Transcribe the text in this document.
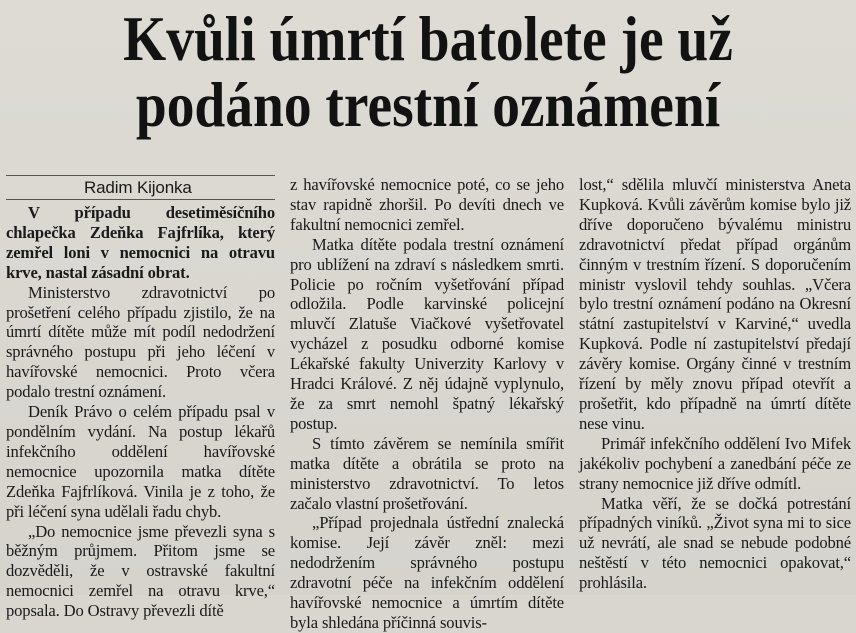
Kvůli úmrtí batolete je už
podáno trestní oznámení
Radim Kijonka

V případu desetiměsíčního chlapečka Zdeňka Fajfrlíka, který zemřel loni v nemocnici na otravu krve, nastal zásadní obrat.

Ministerstvo zdravotnictví po prošetření celého případu zjistilo, že na úmrtí dítěte může mít podíl nedodržení správného postupu při jeho léčení v havířovské nemocnici. Proto včera podalo trestní oznámení.

Deník Právo o celém případu psal v pondělním vydání. Na postup lékařů infekčního oddělení havířovské nemocnice upozornila matka dítěte Zdeňka Fajfrlíková. Vinila je z toho, že při léčení syna udělali řadu chyb.

„Do nemocnice jsme převezli syna s běžným průjmem. Přitom jsme se dozvěděli, že v ostravské fakultní nemocnici zemřel na otravu krve,“ popsala. Do Ostravy převezli dítě

z havířovské nemocnice poté, co se jeho stav rapidně zhoršil. Po devíti dnech ve fakultní nemocnici zemřel.

Matka dítěte podala trestní oznámení pro ublížení na zdraví s následkem smrti. Policie po ročním vyšetřování případ odložila. Podle karvinské policejní mluvčí Zlatuše Viačkové vyšetřovatel vycházel z posudku odborné komise Lékařské fakulty Univerzity Karlovy v Hradci Králové. Z něj údajně vyplynulo, že za smrt nemohl špatný lékařský postup.

S tímto závěrem se nemínila smířit matka dítěte a obrátila se proto na ministerstvo zdravotnictví. To letos začalo vlastní prošetřování.

„Případ projednala ústřední znalecká komise. Její závěr zněl: mezi nedodržením správného postupu zdravotní péče na infekčním oddělení havířovské nemocnice a úmrtím dítěte byla shledána příčinná souvis-

lost,“ sdělila mluvčí ministerstva Aneta Kupková. Kvůli závěrům komise bylo již dříve doporučeno bývalému ministru zdravotnictví předat případ orgánům činným v trestním řízení. S doporučením ministr vyslovil tehdy souhlas. „Včera bylo trestní oznámení podáno na Okresní státní zastupitelství v Karviné,“ uvedla Kupková. Podle ní zastupitelství předají závěry komise. Orgány činné v trestním řízení by měly znovu případ otevřít a prošetřit, kdo případně na úmrtí dítěte nese vinu.

Primář infekčního oddělení Ivo Mifek jakékoliv pochybení a zanedbání péče ze strany nemocnice již dříve odmítl.

Matka věří, že se dočká potrestání případných viníků. „Život syna mi to sice už nevrátí, ale snad se nebude podobné neštěstí v této nemocnici opakovat,“ prohlásila.
